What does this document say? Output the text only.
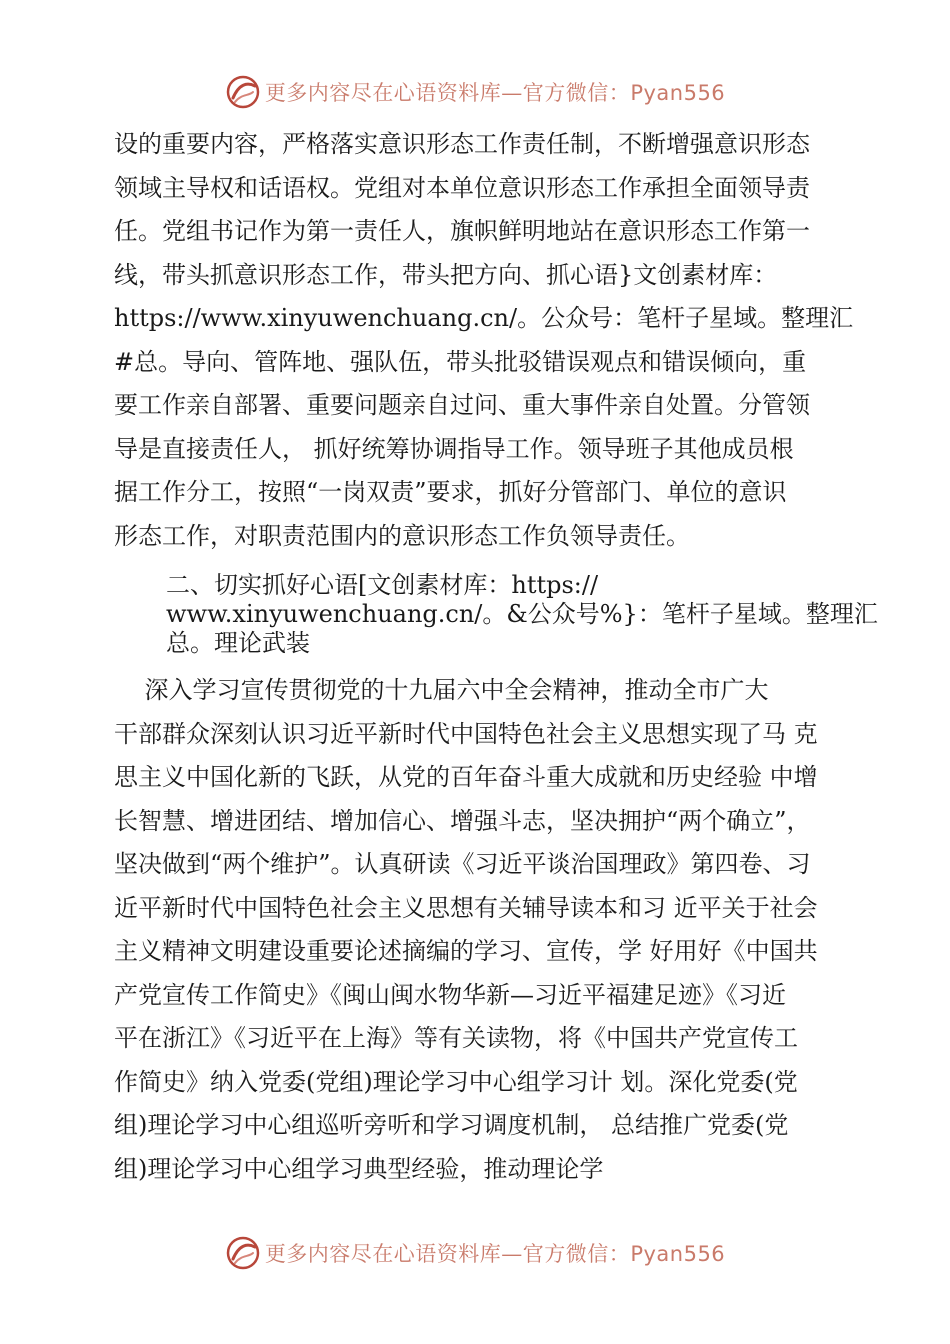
更多内容尽在心语资料库—官方微信：Pyan556
设的重要内容，严格落实意识形态工作责任制，不断增强意识形态
领域主导权和话语权。党组对本单位意识形态工作承担全面领导责
任。党组书记作为第一责任人，旗帜鲜明地站在意识形态工作第一
线，带头抓意识形态工作，带头把方向、抓心语}文创素材库：
https://www.xinyuwenchuang.cn/。公众号：笔杆子星域。整理汇
#总。导向、管阵地、强队伍，带头批驳错误观点和错误倾向，重
要工作亲自部署、重要问题亲自过问、重大事件亲自处置。分管领
导是直接责任人， 抓好统筹协调指导工作。领导班子其他成员根
据工作分工，按照“一岗双责”要求，抓好分管部门、单位的意识
形态工作，对职责范围内的意识形态工作负领导责任。
二、切实抓好心语[文创素材库：https://
www.xinyuwenchuang.cn/。&公众号%}：笔杆子星域。整理汇
总。理论武装
深入学习宣传贯彻党的十九届六中全会精神，推动全市广大
干部群众深刻认识习近平新时代中国特色社会主义思想实现了马 克
思主义中国化新的飞跃，从党的百年奋斗重大成就和历史经验 中增
长智慧、增进团结、增加信心、增强斗志，坚决拥护“两个确立”，
坚决做到“两个维护”。认真研读《习近平谈治国理政》第四卷、习
近平新时代中国特色社会主义思想有关辅导读本和习 近平关于社会
主义精神文明建设重要论述摘编的学习、宣传，学 好用好《中国共
产党宣传工作简史》《闽山闽水物华新—习近平福建足迹》《习近
平在浙江》《习近平在上海》等有关读物，将《中国共产党宣传工
作简史》纳入党委(党组)理论学习中心组学习计 划。深化党委(党
组)理论学习中心组巡听旁听和学习调度机制， 总结推广党委(党
组)理论学习中心组学习典型经验，推动理论学
更多内容尽在心语资料库—官方微信：Pyan556
